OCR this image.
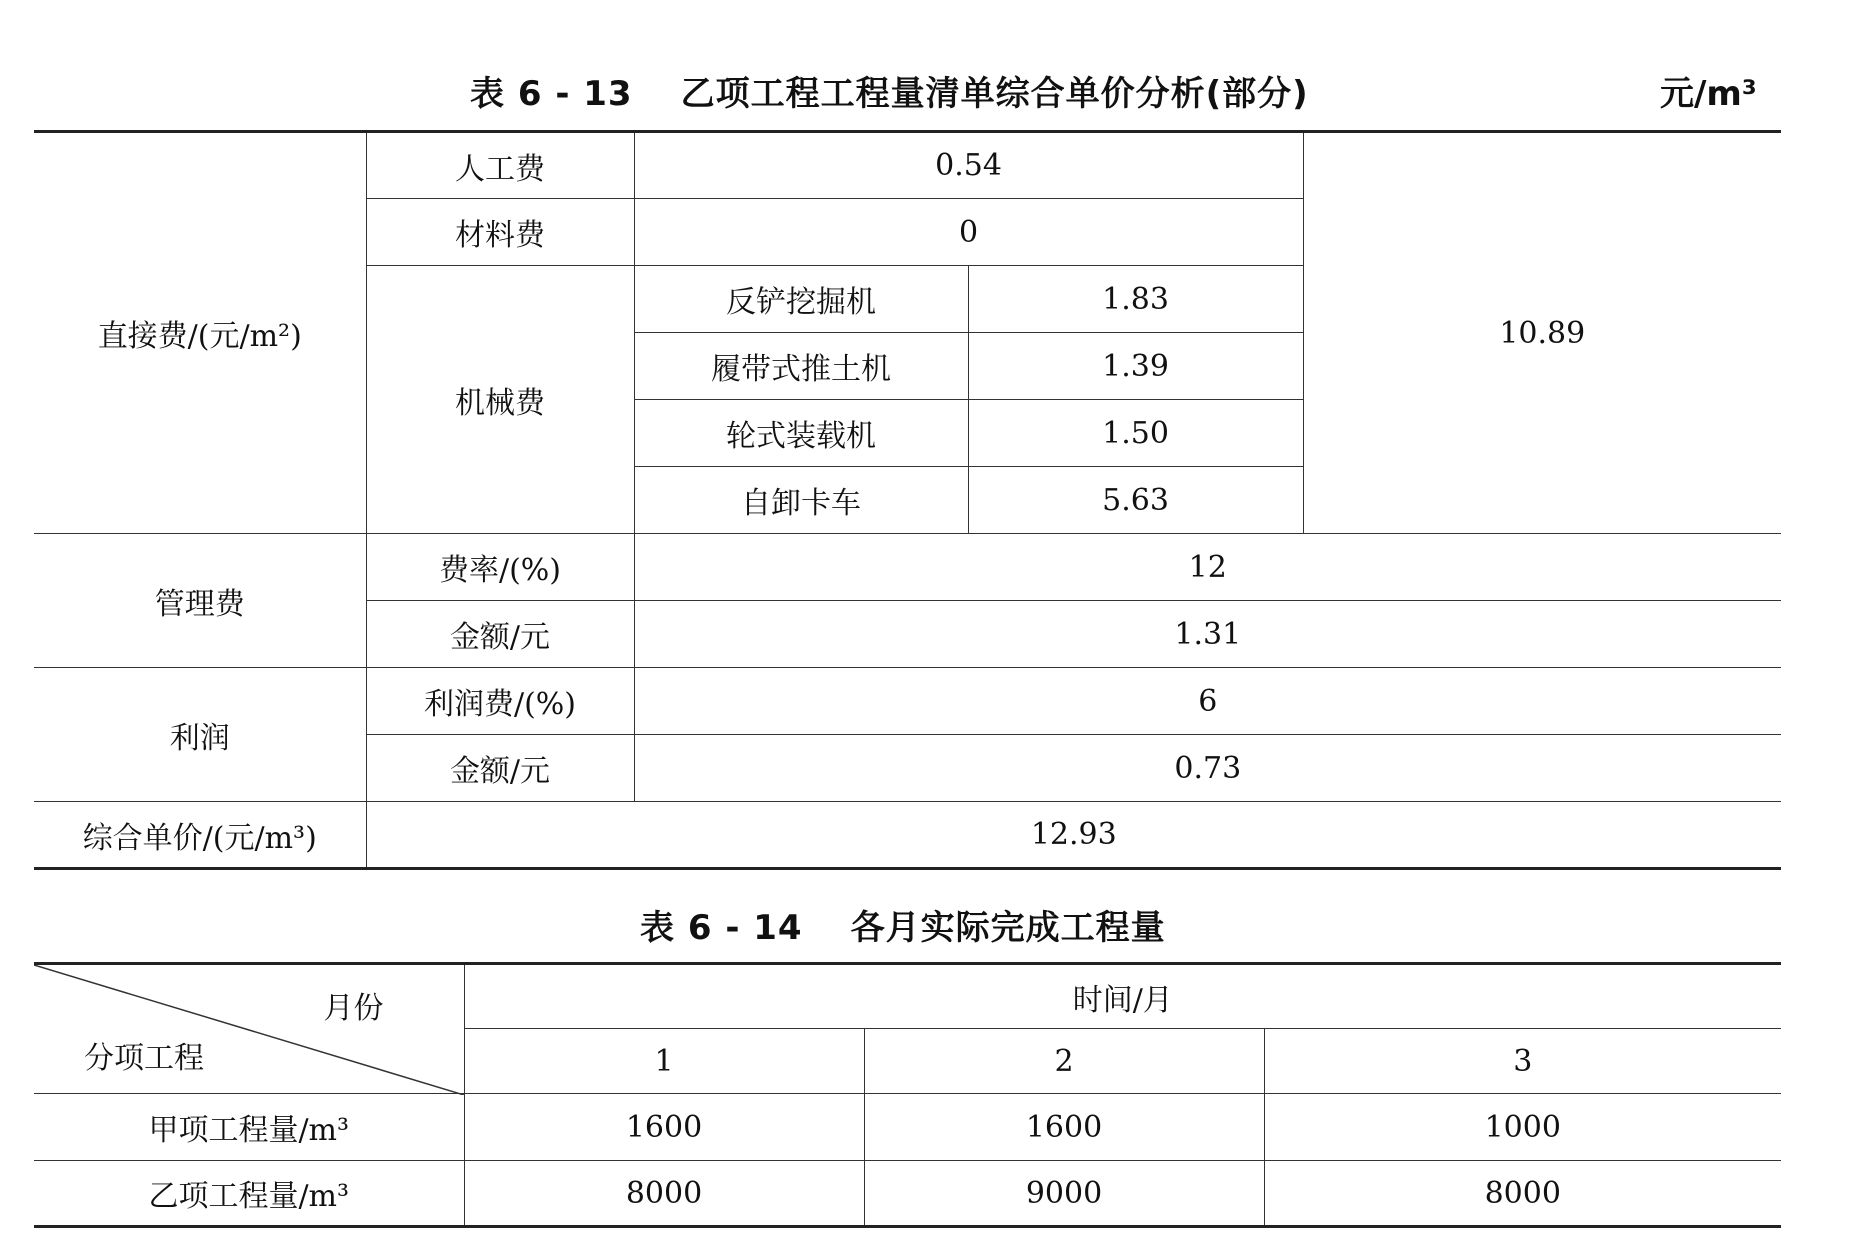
表 6 - 13 乙项工程工程量清单综合单价分析(部分)	元/m³
直接费/(元/m²)	人工费	0.54		10.89
	材料费	0		
	机械费	反铲挖掘机	1.83	
		履带式推土机	1.39	
		轮式装载机	1.50	
		自卸卡车	5.63	
管理费	费率/(%)	12		
	金额/元	1.31		
利润	利润费/(%)	6		
	金额/元	0.73		
综合单价/(元/m³)	12.93			
表 6 - 14 各月实际完成工程量
月份
分项工程	时间/月		
	1	2	3
甲项工程量/m³	1600	1600	1000
乙项工程量/m³	8000	9000	8000
